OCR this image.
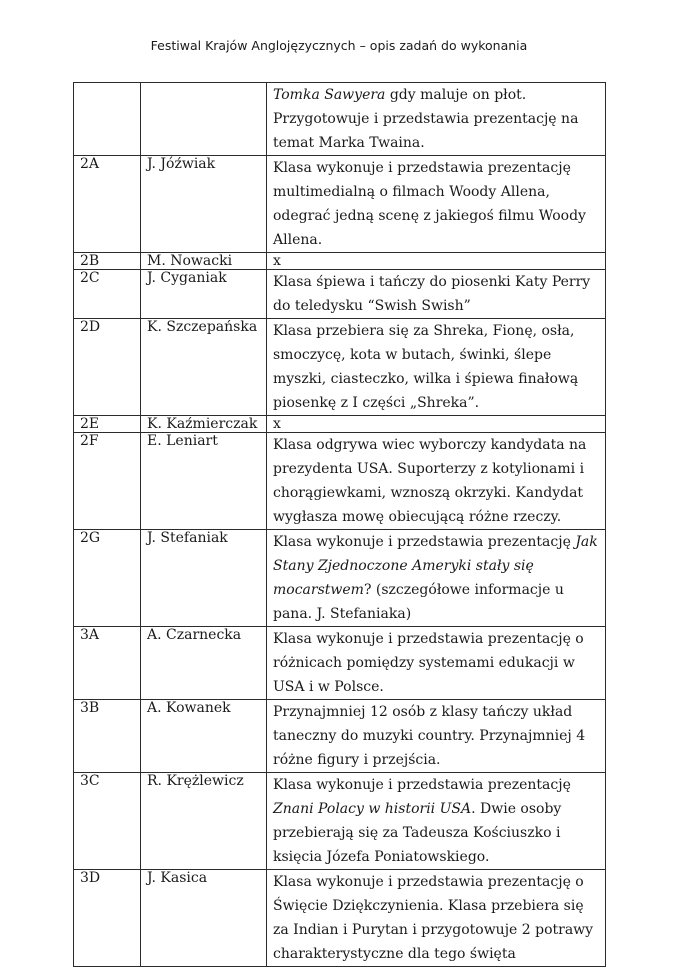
Festiwal Krajów Anglojęzycznych – opis zadań do wykonania
		Tomka Sawyera gdy maluje on płot. Przygotowuje i przedstawia prezentację na temat Marka Twaina.
2A	J. Jóźwiak	Klasa wykonuje i przedstawia prezentację multimedialną o filmach Woody Allena, odegrać jedną scenę z jakiegoś filmu Woody Allena.
2B	M. Nowacki	x
2C	J. Cyganiak	Klasa śpiewa i tańczy do piosenki Katy Perry do teledysku “Swish Swish”
2D	K. Szczepańska	Klasa przebiera się za Shreka, Fionę, osła, smoczycę, kota w butach, świnki, ślepe myszki, ciasteczko, wilka i śpiewa finałową piosenkę z I części „Shreka”.
2E	K. Kaźmierczak	x
2F	E. Leniart	Klasa odgrywa wiec wyborczy kandydata na prezydenta USA. Suporterzy z kotylionami i chorągiewkami, wznoszą okrzyki. Kandydat wygłasza mowę obiecującą różne rzeczy.
2G	J. Stefaniak	Klasa wykonuje i przedstawia prezentację Jak Stany Zjednoczone Ameryki stały się mocarstwem? (szczegółowe informacje u pana. J. Stefaniaka)
3A	A. Czarnecka	Klasa wykonuje i przedstawia prezentację o różnicach pomiędzy systemami edukacji w USA i w Polsce.
3B	A. Kowanek	Przynajmniej 12 osób z klasy tańczy układ taneczny do muzyki country. Przynajmniej 4 różne figury i przejścia.
3C	R. Krężlewicz	Klasa wykonuje i przedstawia prezentację Znani Polacy w historii USA. Dwie osoby przebierają się za Tadeusza Kościuszko i księcia Józefa Poniatowskiego.
3D	J. Kasica	Klasa wykonuje i przedstawia prezentację o Święcie Dziękczynienia. Klasa przebiera się za Indian i Purytan i przygotowuje 2 potrawy charakterystyczne dla tego święta
